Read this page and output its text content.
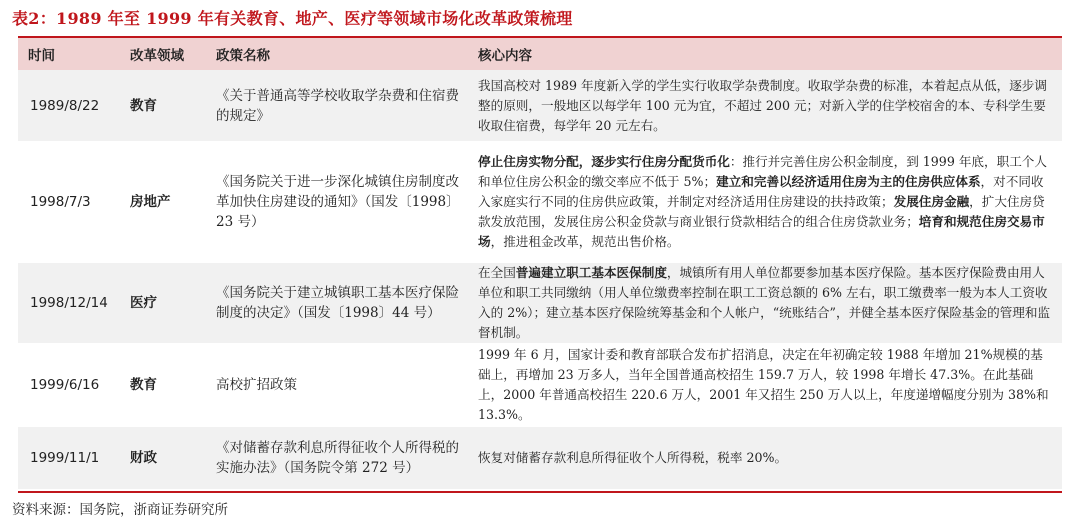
表2：1989 年至 1999 年有关教育、地产、医疗等领域市场化改革政策梳理
时间	改革领域	政策名称	核心内容
1989/8/22	教育	《关于普通高等学校收取学杂费和住宿费的规定》	我国高校对 1989 年度新入学的学生实行收取学杂费制度。收取学杂费的标准，本着起点从低，逐步调整的原则，一般地区以每学年 100 元为宜，不超过 200 元；对新入学的住学校宿舍的本、专科学生要收取住宿费，每学年 20 元左右。
1998/7/3	房地产	《国务院关于进一步深化城镇住房制度改革加快住房建设的通知》（国发〔1998〕23 号）	停止住房实物分配，逐步实行住房分配货币化：推行并完善住房公积金制度，到 1999 年底，职工个人和单位住房公积金的缴交率应不低于 5%；建立和完善以经济适用住房为主的住房供应体系，对不同收入家庭实行不同的住房供应政策，并制定对经济适用住房建设的扶持政策；发展住房金融，扩大住房贷款发放范围，发展住房公积金贷款与商业银行贷款相结合的组合住房贷款业务；培育和规范住房交易市场，推进租金改革，规范出售价格。
1998/12/14	医疗	《国务院关于建立城镇职工基本医疗保险制度的决定》（国发〔1998〕44 号）	在全国普遍建立职工基本医保制度，城镇所有用人单位都要参加基本医疗保险。基本医疗保险费由用人单位和职工共同缴纳（用人单位缴费率控制在职工工资总额的 6% 左右，职工缴费率一般为本人工资收入的 2%）；建立基本医疗保险统筹基金和个人帐户，“统账结合”，并健全基本医疗保险基金的管理和监督机制。
1999/6/16	教育	高校扩招政策	1999 年 6 月，国家计委和教育部联合发布扩招消息，决定在年初确定较 1988 年增加 21%规模的基础上，再增加 23 万多人，当年全国普通高校招生 159.7 万人，较 1998 年增长 47.3%。在此基础上，2000 年普通高校招生 220.6 万人，2001 年又招生 250 万人以上，年度递增幅度分别为 38%和 13.3%。
1999/11/1	财政	《对储蓄存款利息所得征收个人所得税的实施办法》（国务院令第 272 号）	恢复对储蓄存款利息所得征收个人所得税，税率 20%。
资料来源：国务院，浙商证券研究所
